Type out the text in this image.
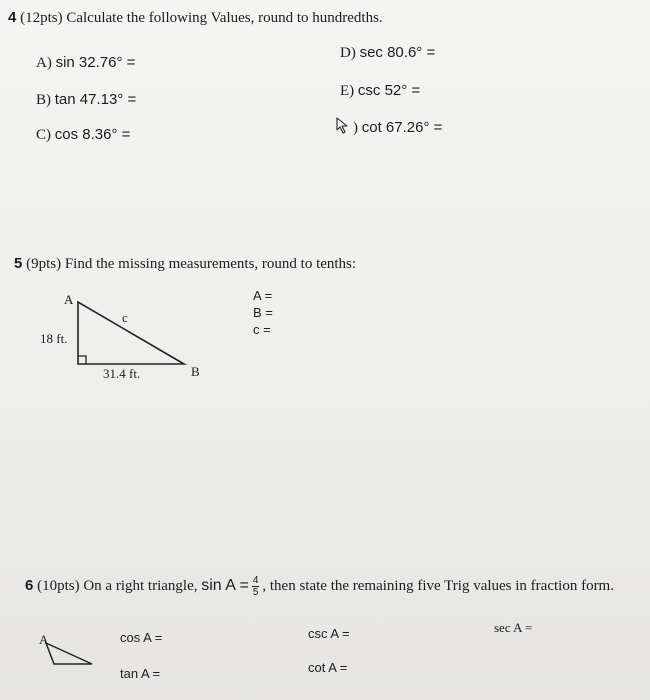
4 (12pts) Calculate the following Values, round to hundredths.
A) sin 32.76° =
B) tan 47.13° =
C) cos 8.36° =
D) sec 80.6° =
E) csc 52° =
) cot 67.26° =
5 (9pts) Find the missing measurements, round to tenths:
A
c
18 ft.
31.4 ft.	B
A =
B =
c =
6 (10pts) On a right triangle, $\sin A = \frac{4}{5}$ , then state the remaining five Trig values in fraction form.
A	cos A =
tan A =
csc A =
cot A =
sec A =
